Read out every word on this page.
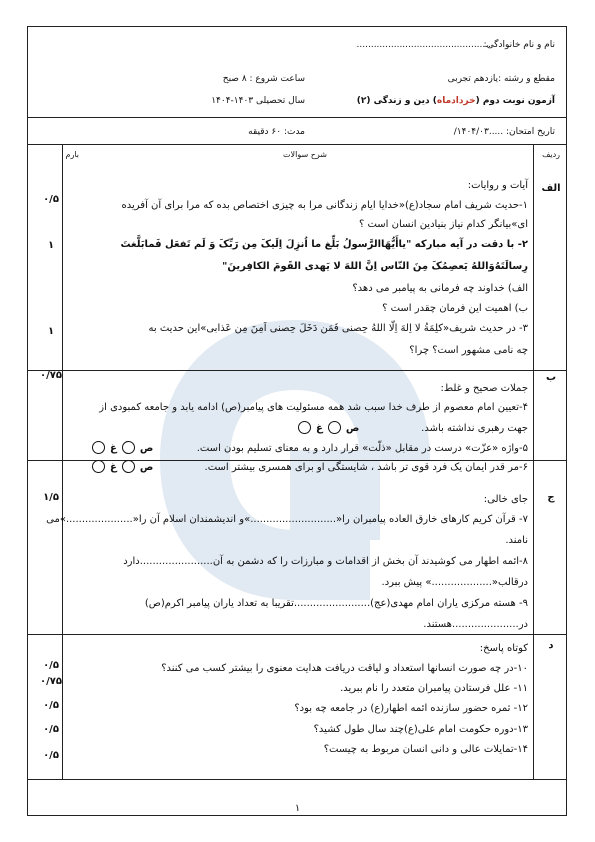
نام و نام خانوادگی:
...............................................
مقطع و رشته :یازدهم تجربی
ساعت شروع : ۸ صبح
آزمون نوبت دوم (خردادماه) دین و زندگی (۲)
سال تحصیلی ۱۴۰۳-۱۴۰۴
تاریخ امتحان: .....۱۴۰۴/۰۳/
مدت: ۶۰ دقیقه
ردیف
شرح سوالات
بارم
الف
آیات و روایات:
۱-حدیث شریف امام سجاد(ع)«خدایا ایام زندگانی مرا به چیزی اختصاص بده که مرا برای آن آفریده
ای»بیانگر کدام نیاز بنیادین انسان است ؟
۲- با دقت در آیه مبارکه "یاأَيُّهَاالرَّسولُ بَلِّغ ما اُنزِلَ اِلَیکَ مِن رَبِّکَ وَ لَم تَفعَل فَمابَلَّغتَ
رِسالَتَهُ‌وَاللهُ یَعصِمُکَ مِنَ النّاس اِنَّ اللهَ لا یَهدی القَومَ الکافِرینَ"
الف) خداوند چه فرمانی به پیامبر می دهد؟
ب) اهمیت این فرمان چقدر است ؟
۳- در حدیث شریف«کلِمَةُ لا اِلهَ اِلّا اللهُ حِصنی فَمَن دَخَلَ حِصنی اَمِنَ مِن عَذابی»این حدیث به
چه نامی مشهور است؟ چرا؟
۰/۵
۱
۱
ب
جملات صحیح و غلط:
۴-تعیین امام معصوم از طرف خدا سبب شد همه مسئولیت های پیامبر(ص) ادامه یابد و جامعه کمبودی از
جهت رهبری نداشته باشد.
صغ
۵-واژه «عزّت» درست در مقابل «ذلّت» قرار دارد و به معنای تسلیم بودن است.
صغ
۶-مر قدر ایمان یک فرد قوی تر باشد ، شایستگی او برای همسری بیشتر است.
صغ
۰/۷۵
ج
جای خالی:
۷- قرآن کریم کارهای خارق العاده پیامبران را«...........................»و اندیشمندان اسلام آن را«.....................»می
نامند.
۸-ائمه اطهار می کوشیدند آن بخش از اقدامات و مبارزات را که دشمن به آن.......................دارد
درقالب«...................» پیش ببرد.
۹- هسته مرکزی یاران امام مهدی(عج)........................تقریبا به تعداد یاران پیامبر اکرم(ص)
در.....................هستند.
۱/۵
د
کوتاه پاسخ:
۱۰-در چه صورت انسانها استعداد و لیاقت دریافت هدایت معنوی را بیشتر کسب می کنند؟
۱۱- علل فرستادن پیامبران متعدد را نام ببرید.
۱۲- ثمره حضور سازنده ائمه اطهار(ع) در جامعه چه بود؟
۱۳-دوره حکومت امام علی(ع)چند سال طول کشید؟
۱۴-تمایلات عالی و دانی انسان مربوط به چیست؟
۰/۵
۰/۷۵
۰/۵
۰/۵
۰/۵
۱
